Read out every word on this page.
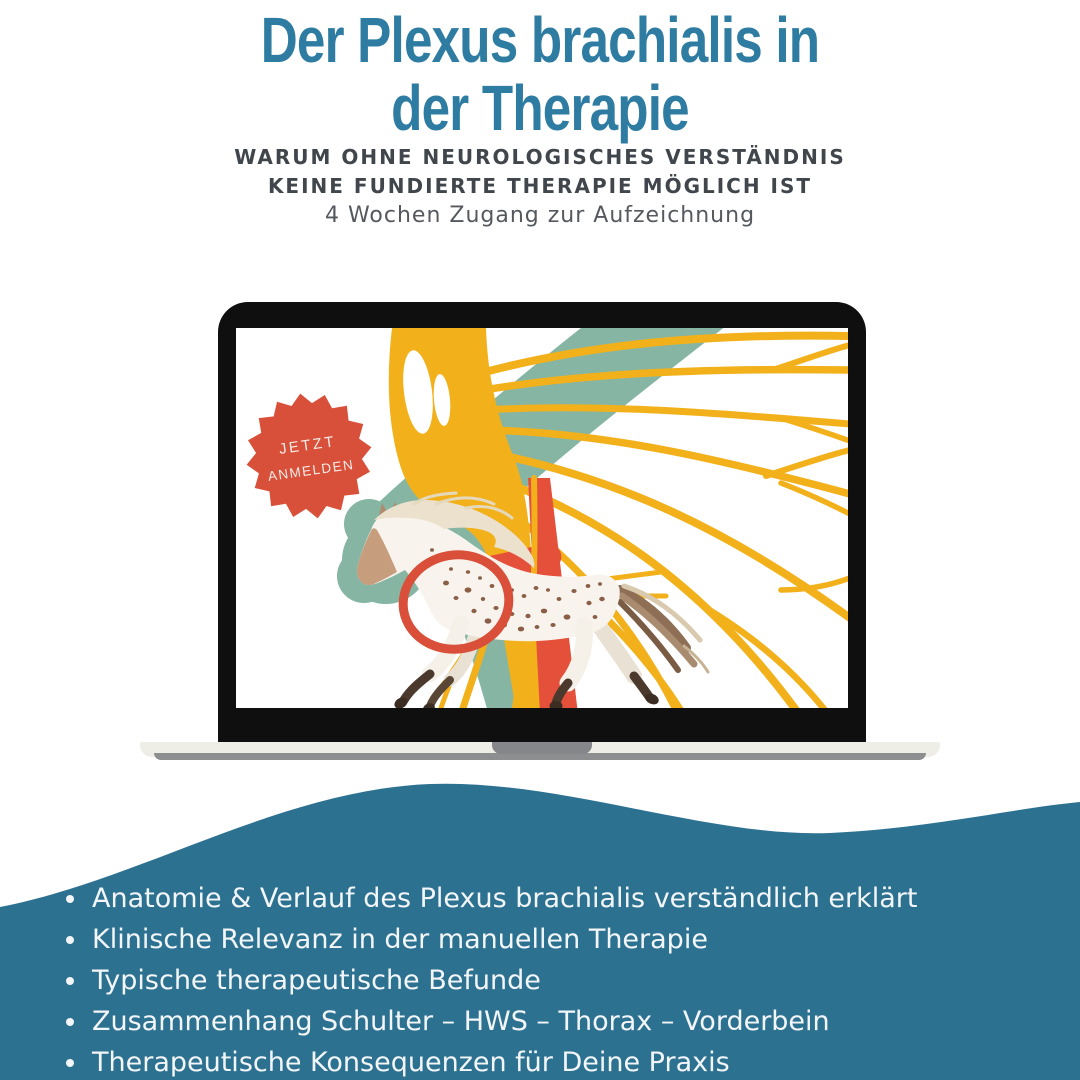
Der Plexus brachialis in
der Therapie
WARUM OHNE NEUROLOGISCHES VERSTÄNDNIS
KEINE FUNDIERTE THERAPIE MÖGLICH IST
4 Wochen Zugang zur Aufzeichnung
JETZT
ANMELDEN
Anatomie & Verlauf des Plexus brachialis verständlich erklärt
Klinische Relevanz in der manuellen Therapie
Typische therapeutische Befunde
Zusammenhang Schulter – HWS – Thorax – Vorderbein
Therapeutische Konsequenzen für Deine Praxis
